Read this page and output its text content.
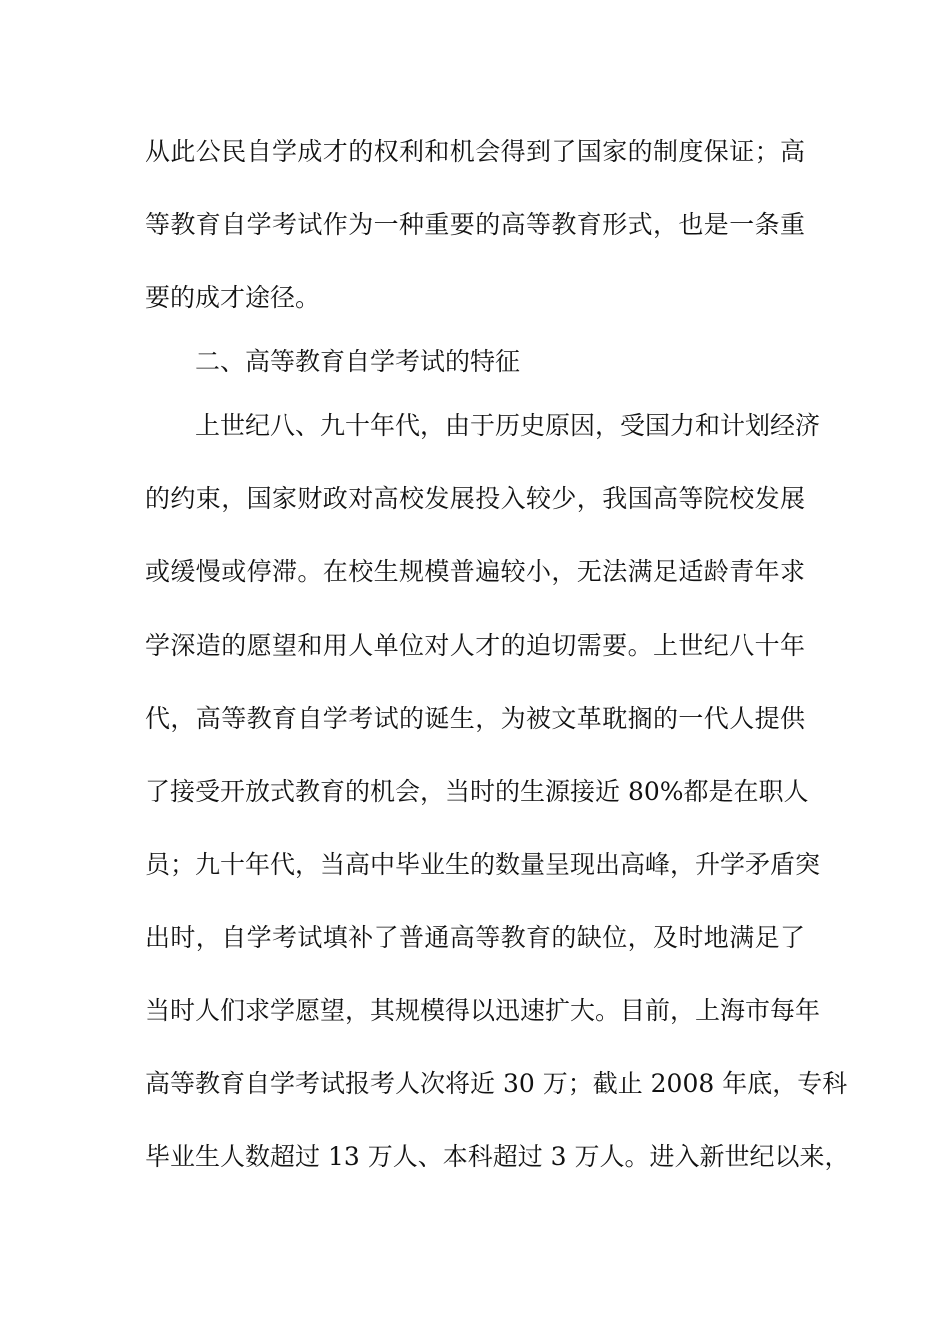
从此公民自学成才的权利和机会得到了国家的制度保证；高
等教育自学考试作为一种重要的高等教育形式，也是一条重
要的成才途径。
二、高等教育自学考试的特征
上世纪八、九十年代，由于历史原因，受国力和计划经济
的约束，国家财政对高校发展投入较少，我国高等院校发展
或缓慢或停滞。在校生规模普遍较小，无法满足适龄青年求
学深造的愿望和用人单位对人才的迫切需要。上世纪八十年
代，高等教育自学考试的诞生，为被文革耽搁的一代人提供
了接受开放式教育的机会，当时的生源接近 80%都是在职人
员；九十年代，当高中毕业生的数量呈现出高峰，升学矛盾突
出时，自学考试填补了普通高等教育的缺位，及时地满足了
当时人们求学愿望，其规模得以迅速扩大。目前，上海市每年
高等教育自学考试报考人次将近 30 万；截止 2008 年底，专科
毕业生人数超过 13 万人、本科超过 3 万人。进入新世纪以来，
